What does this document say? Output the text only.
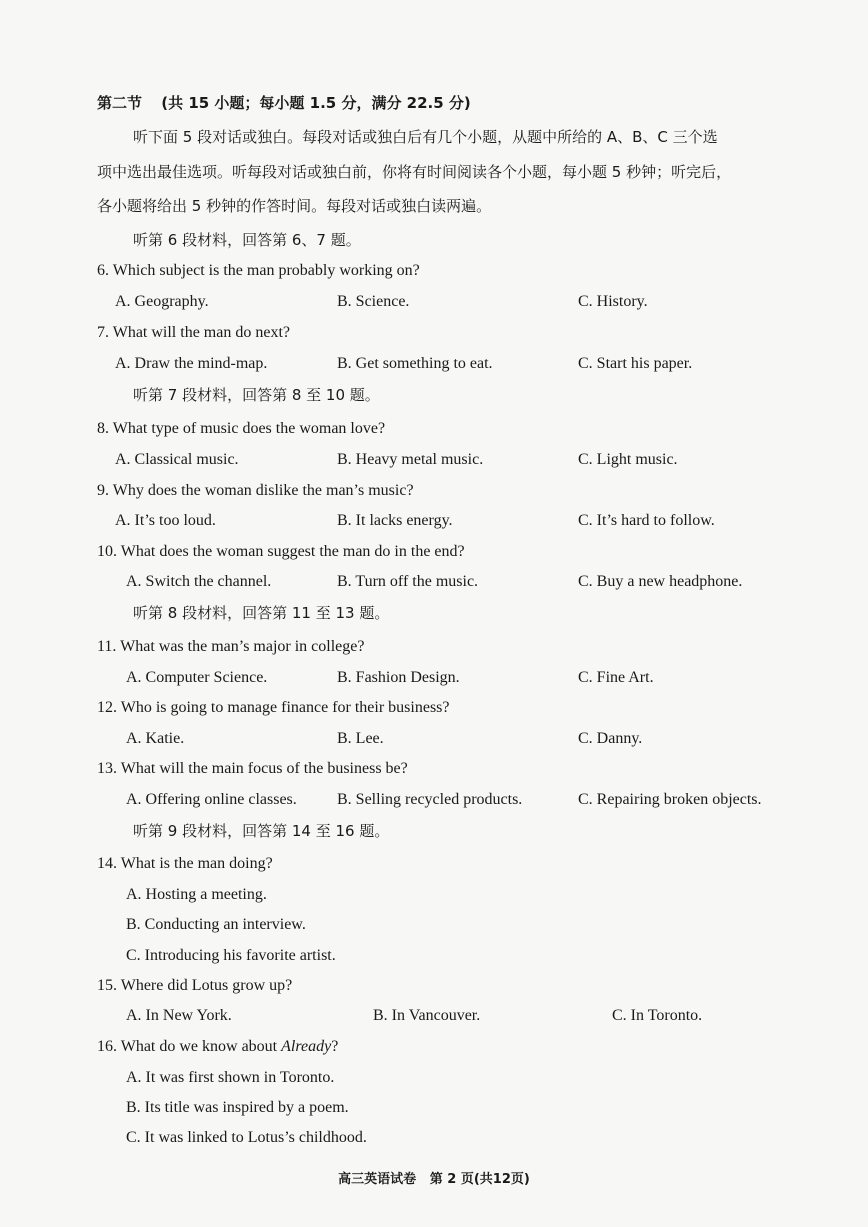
第二节 (共 15 小题；每小题 1.5 分，满分 22.5 分)
听下面 5 段对话或独白。每段对话或独白后有几个小题，从题中所给的 A、B、C 三个选
项中选出最佳选项。听每段对话或独白前，你将有时间阅读各个小题，每小题 5 秒钟；听完后，
各小题将给出 5 秒钟的作答时间。每段对话或独白读两遍。
听第 6 段材料，回答第 6、7 题。
6. Which subject is the man probably working on?
A. Geography.	B. Science.	C. History.
7. What will the man do next?
A. Draw the mind-map.	B. Get something to eat.	C. Start his paper.
听第 7 段材料，回答第 8 至 10 题。
8. What type of music does the woman love?
A. Classical music.	B. Heavy metal music.	C. Light music.
9. Why does the woman dislike the man’s music?
A. It’s too loud.	B. It lacks energy.	C. It’s hard to follow.
10. What does the woman suggest the man do in the end?
A. Switch the channel.	B. Turn off the music.	C. Buy a new headphone.
听第 8 段材料，回答第 11 至 13 题。
11. What was the man’s major in college?
A. Computer Science.	B. Fashion Design.	C. Fine Art.
12. Who is going to manage finance for their business?
A. Katie.	B. Lee.	C. Danny.
13. What will the main focus of the business be?
A. Offering online classes.	B. Selling recycled products.	C. Repairing broken objects.
听第 9 段材料，回答第 14 至 16 题。
14. What is the man doing?
A. Hosting a meeting.
B. Conducting an interview.
C. Introducing his favorite artist.
15. Where did Lotus grow up?
A. In New York.	B. In Vancouver.	C. In Toronto.
16. What do we know about Already?
A. It was first shown in Toronto.
B. Its title was inspired by a poem.
C. It was linked to Lotus’s childhood.
高三英语试卷   第 2 页(共12页)
